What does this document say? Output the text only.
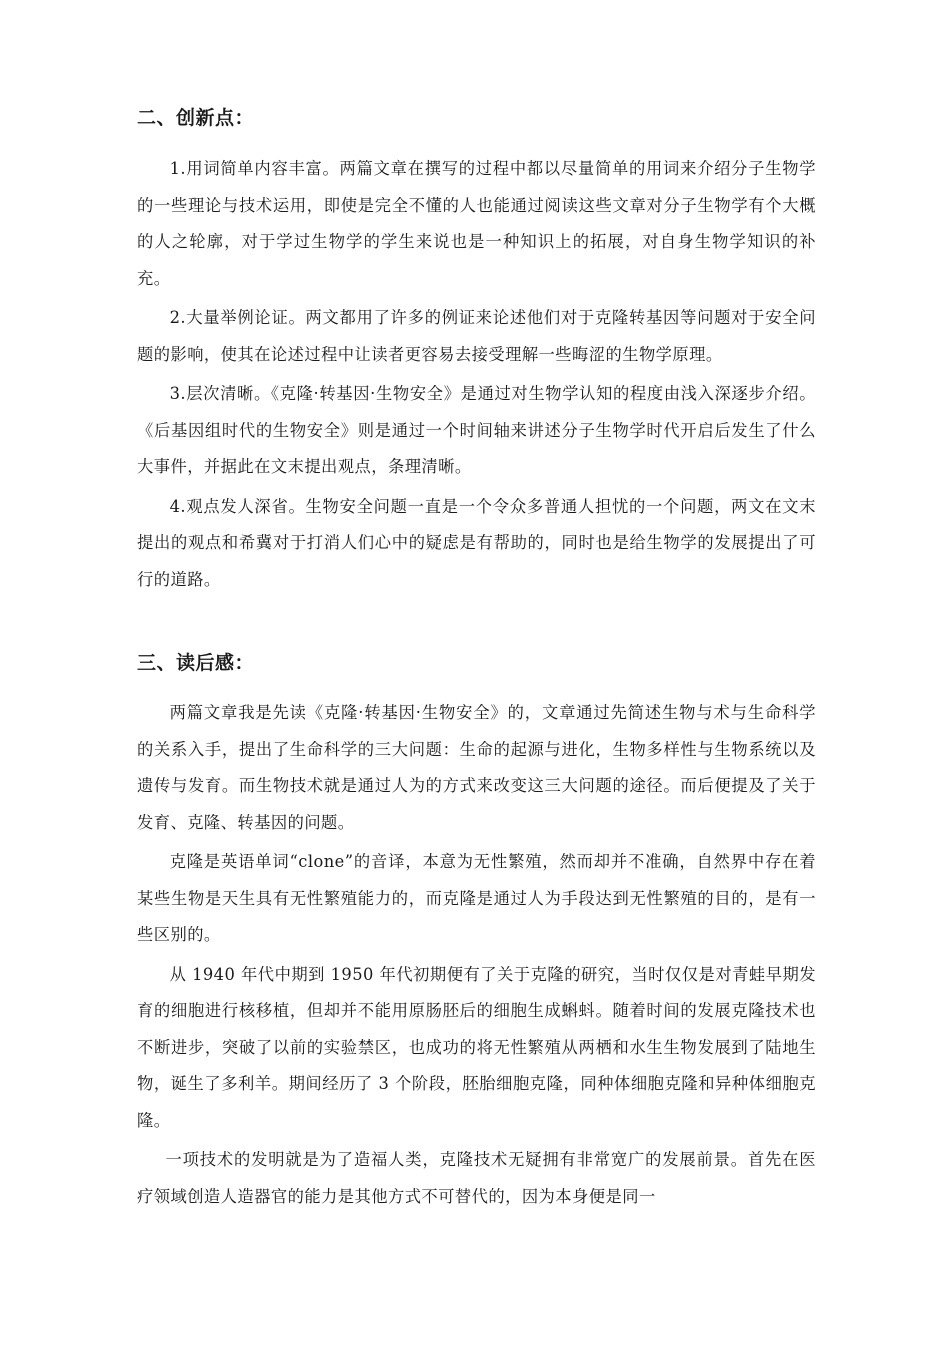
二、创新点：

1.用词简单内容丰富。两篇文章在撰写的过程中都以尽量简单的用词来介绍分子生物学的一些理论与技术运用，即使是完全不懂的人也能通过阅读这些文章对分子生物学有个大概的人之轮廓，对于学过生物学的学生来说也是一种知识上的拓展，对自身生物学知识的补充。

2.大量举例论证。两文都用了许多的例证来论述他们对于克隆转基因等问题对于安全问题的影响，使其在论述过程中让读者更容易去接受理解一些晦涩的生物学原理。

3.层次清晰。《克隆·转基因·生物安全》是通过对生物学认知的程度由浅入深逐步介绍。《后基因组时代的生物安全》则是通过一个时间轴来讲述分子生物学时代开启后发生了什么大事件，并据此在文末提出观点，条理清晰。

4.观点发人深省。生物安全问题一直是一个令众多普通人担忧的一个问题，两文在文末提出的观点和希冀对于打消人们心中的疑虑是有帮助的，同时也是给生物学的发展提出了可行的道路。

三、读后感：

两篇文章我是先读《克隆·转基因·生物安全》的，文章通过先简述生物与术与生命科学的关系入手，提出了生命科学的三大问题：生命的起源与进化，生物多样性与生物系统以及遗传与发育。而生物技术就是通过人为的方式来改变这三大问题的途径。而后便提及了关于发育、克隆、转基因的问题。

克隆是英语单词“clone”的音译，本意为无性繁殖，然而却并不准确，自然界中存在着某些生物是天生具有无性繁殖能力的，而克隆是通过人为手段达到无性繁殖的目的，是有一些区别的。

从 1940 年代中期到 1950 年代初期便有了关于克隆的研究，当时仅仅是对青蛙早期发育的细胞进行核移植，但却并不能用原肠胚后的细胞生成蝌蚪。随着时间的发展克隆技术也不断进步，突破了以前的实验禁区，也成功的将无性繁殖从两栖和水生生物发展到了陆地生物，诞生了多利羊。期间经历了 3 个阶段，胚胎细胞克隆，同种体细胞克隆和异种体细胞克隆。

一项技术的发明就是为了造福人类，克隆技术无疑拥有非常宽广的发展前景。首先在医疗领域创造人造器官的能力是其他方式不可替代的，因为本身便是同一
